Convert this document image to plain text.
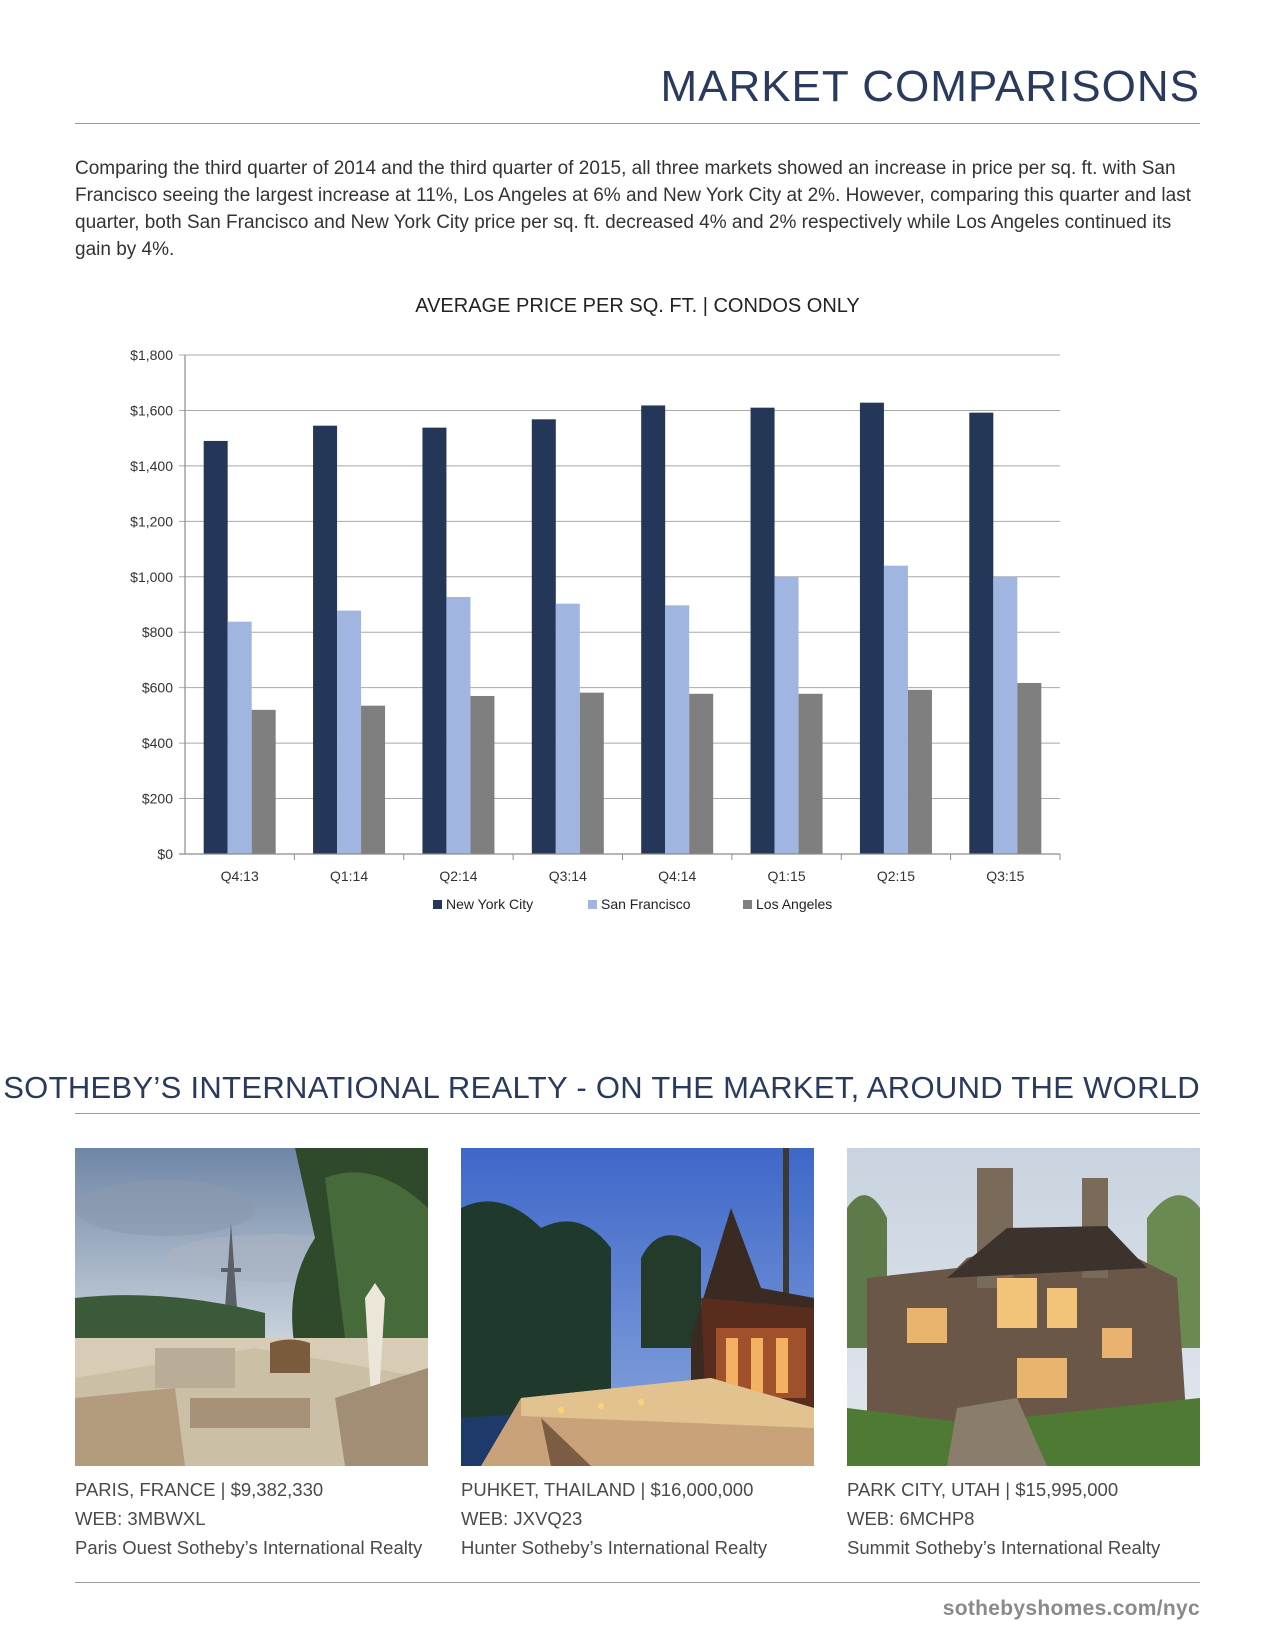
MARKET COMPARISONS

Comparing the third quarter of 2014 and the third quarter of 2015, all three markets showed an increase in price per sq. ft. with San Francisco seeing the largest increase at 11%, Los Angeles at 6% and New York City at 2%. However, comparing this quarter and last quarter, both San Francisco and New York City price per sq. ft. decreased 4% and 2% respectively while Los Angeles continued its gain by 4%.

AVERAGE PRICE PER SQ. FT. | CONDOS ONLY
$0
$200
$400
$600
$800
$1,000
$1,200
$1,400
$1,600
$1,800
Q4:13	Q1:14	Q2:14	Q3:14	Q4:14	Q1:15	Q2:15	Q3:15
New York City	San Francisco	Los Angeles
SOTHEBY’S INTERNATIONAL REALTY - ON THE MARKET, AROUND THE WORLD
PARIS, FRANCE | $9,382,330
WEB: 3MBWXL
Paris Ouest Sotheby’s International Realty
PUHKET, THAILAND | $16,000,000
WEB: JXVQ23
Hunter Sotheby’s International Realty
PARK CITY, UTAH | $15,995,000
WEB: 6MCHP8
Summit Sotheby’s International Realty
sothebyshomes.com/nyc
